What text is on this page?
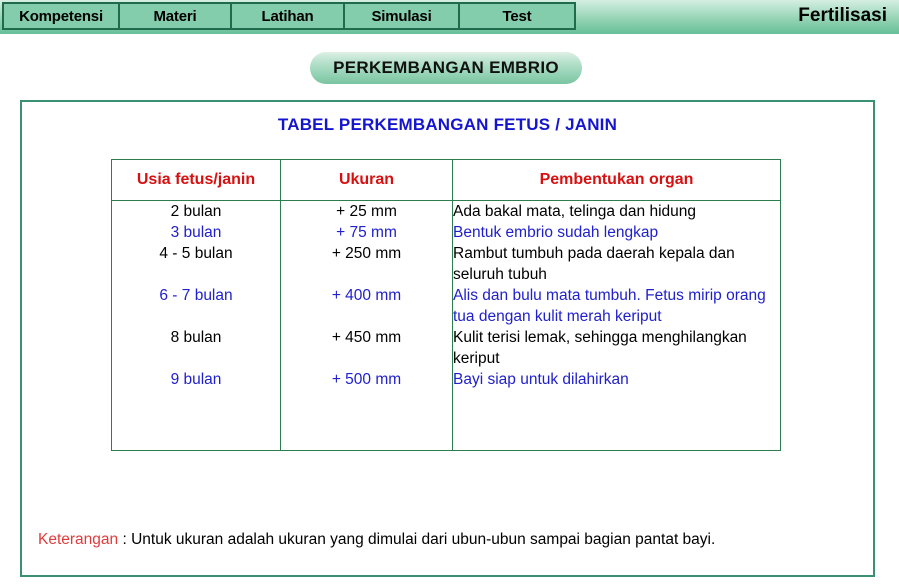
Kompetensi	Materi	Latihan	Simulasi	Test	Fertilisasi
PERKEMBANGAN EMBRIO
TABEL PERKEMBANGAN FETUS / JANIN
Usia fetus/janin	Ukuran	Pembentukan organ
2 bulan	+ 25 mm	Ada bakal mata, telinga dan hidung
3 bulan	+ 75 mm	Bentuk embrio sudah lengkap
4 - 5 bulan	+ 250 mm	Rambut tumbuh pada daerah kepala dan seluruh tubuh
6 - 7 bulan	+ 400 mm	Alis dan bulu mata tumbuh. Fetus mirip orang tua dengan kulit merah keriput
8 bulan	+ 450 mm	Kulit terisi lemak, sehingga menghilangkan keriput
9 bulan	+ 500 mm	Bayi siap untuk dilahirkan

Keterangan : Untuk ukuran adalah ukuran yang dimulai dari ubun-ubun sampai bagian pantat bayi.
